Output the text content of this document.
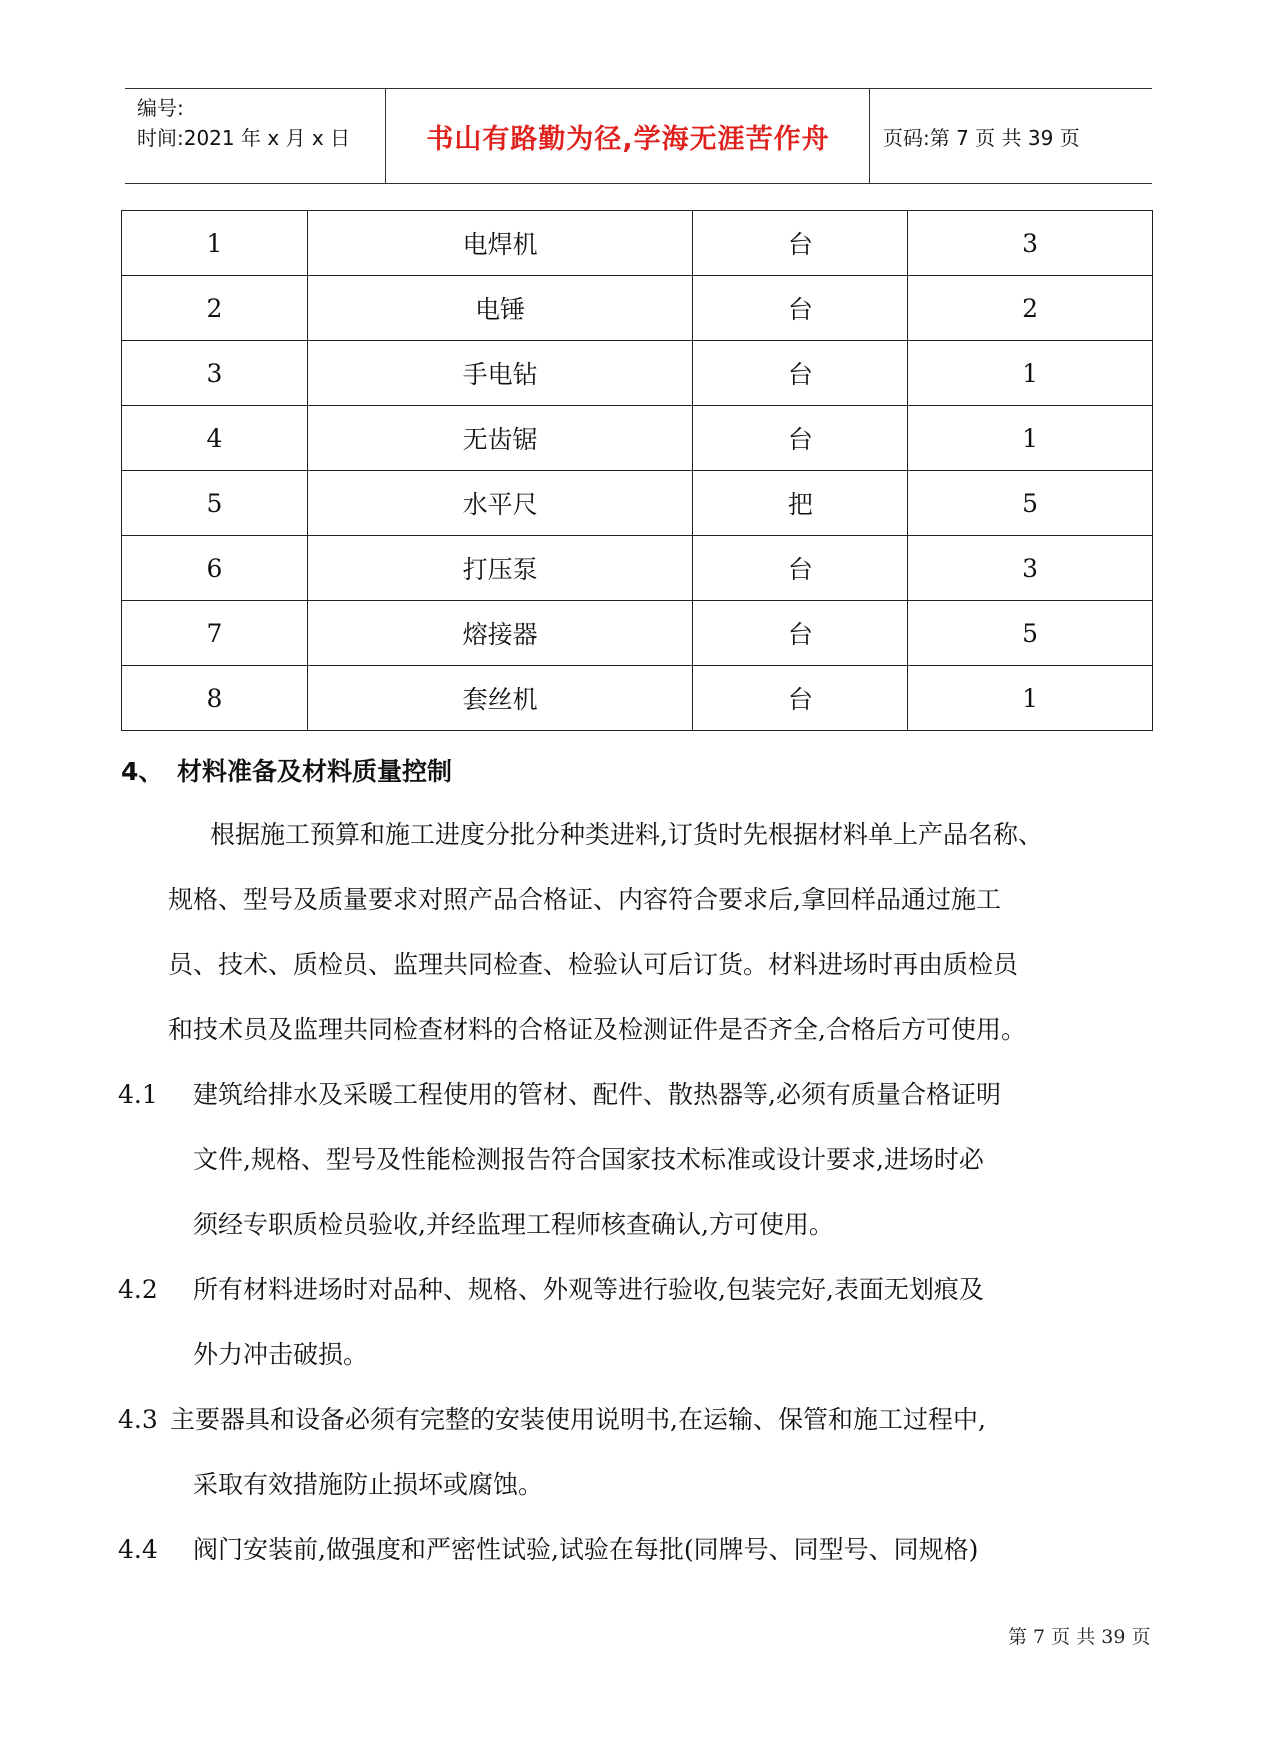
编号:
时间:2021 年 x 月 x 日	书山有路勤为径,学海无涯苦作舟	页码:第 7 页 共 39 页
1	电焊机	台	3
2	电锤	台	2
3	手电钻	台	1
4	无齿锯	台	1
5	水平尺	把	5
6	打压泵	台	3
7	熔接器	台	5
8	套丝机	台	1
4、 材料准备及材料质量控制
根据施工预算和施工进度分批分种类进料,订货时先根据材料单上产品名称、
规格、型号及质量要求对照产品合格证、内容符合要求后,拿回样品通过施工
员、技术、质检员、监理共同检查、检验认可后订货。材料进场时再由质检员
和技术员及监理共同检查材料的合格证及检测证件是否齐全,合格后方可使用。
4.1 建筑给排水及采暖工程使用的管材、配件、散热器等,必须有质量合格证明
文件,规格、型号及性能检测报告符合国家技术标准或设计要求,进场时必
须经专职质检员验收,并经监理工程师核查确认,方可使用。
4.2 所有材料进场时对品种、规格、外观等进行验收,包装完好,表面无划痕及
外力冲击破损。
4.3 主要器具和设备必须有完整的安装使用说明书,在运输、保管和施工过程中,
采取有效措施防止损坏或腐蚀。
4.4 阀门安装前,做强度和严密性试验,试验在每批(同牌号、同型号、同规格)
第 7 页 共 39 页
